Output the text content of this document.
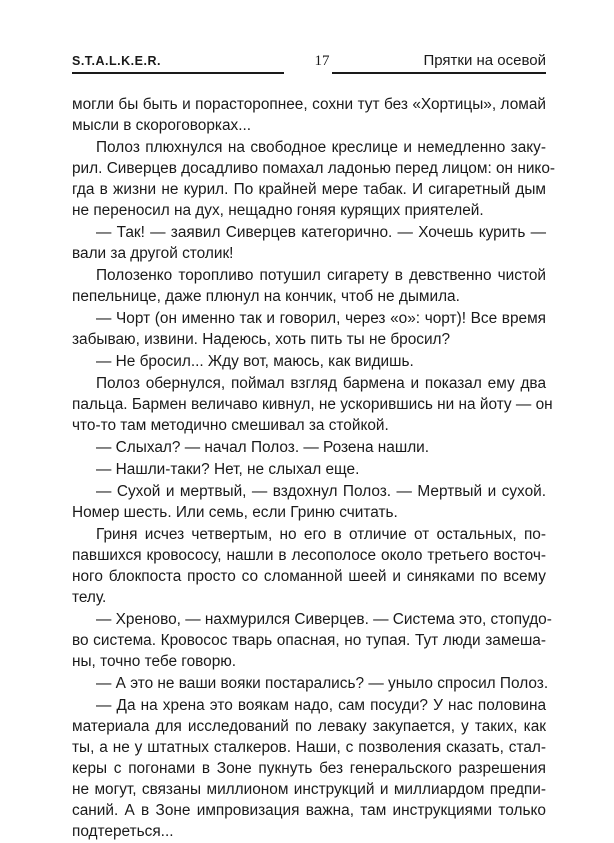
S.T.A.L.K.E.R.	17	Прятки на осевой
могли бы быть и порасторопнее, сохни тут без «Хортицы», ломай
мысли в скороговорках...
Полоз плюхнулся на свободное креслице и немедленно заку-
рил. Сиверцев досадливо помахал ладонью перед лицом: он нико-
гда в жизни не курил. По крайней мере табак. И сигаретный дым
не переносил на дух, нещадно гоняя курящих приятелей.
— Так! — заявил Сиверцев категорично. — Хочешь курить —
вали за другой столик!
Полозенко торопливо потушил сигарету в девственно чистой
пепельнице, даже плюнул на кончик, чтоб не дымила.
— Чорт (он именно так и говорил, через «о»: чорт)! Все время
забываю, извини. Надеюсь, хоть пить ты не бросил?
— Не бросил... Жду вот, маюсь, как видишь.
Полоз обернулся, поймал взгляд бармена и показал ему два
пальца. Бармен величаво кивнул, не ускорившись ни на йоту — он
что-то там методично смешивал за стойкой.
— Слыхал? — начал Полоз. — Розена нашли.
— Нашли-таки? Нет, не слыхал еще.
— Сухой и мертвый, — вздохнул Полоз. — Мертвый и сухой.
Номер шесть. Или семь, если Гриню считать.
Гриня исчез четвертым, но его в отличие от остальных, по-
павшихся кровососу, нашли в лесополосе около третьего восточ-
ного блокпоста просто со сломанной шеей и синяками по всему
телу.
— Хреново, — нахмурился Сиверцев. — Система это, стопудо-
во система. Кровосос тварь опасная, но тупая. Тут люди замеша-
ны, точно тебе говорю.
— А это не ваши вояки постарались? — уныло спросил Полоз.
— Да на хрена это воякам надо, сам посуди? У нас половина
материала для исследований по леваку закупается, у таких, как
ты, а не у штатных сталкеров. Наши, с позволения сказать, стал-
керы с погонами в Зоне пукнуть без генеральского разрешения
не могут, связаны миллионом инструкций и миллиардом предпи-
саний. А в Зоне импровизация важна, там инструкциями только
подтереться...
